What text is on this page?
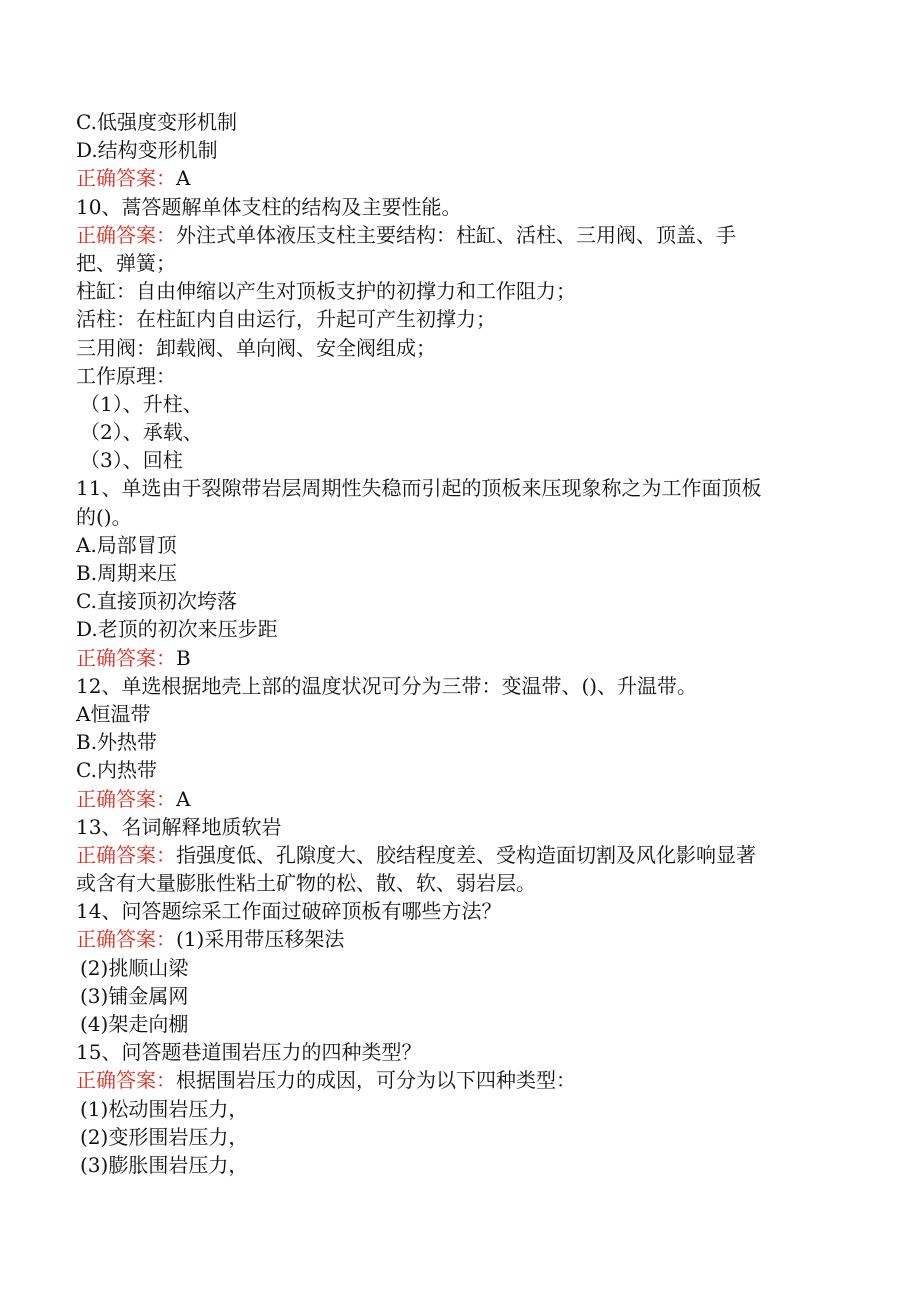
C.低强度变形机制
D.结构变形机制
正确答案：A
10、蒿答题解单体支柱的结构及主要性能。
正确答案：外注式单体液压支柱主要结构：柱缸、活柱、三用阀、顶盖、手
把、弹簧；
柱缸：自由伸缩以产生对顶板支护的初撑力和工作阻力；
活柱：在柱缸内自由运行，升起可产生初撑力；
三用阀：卸载阀、单向阀、安全阀组成；
工作原理：
（1）、升柱、
（2）、承载、
（3）、回柱
11、单选由于裂隙带岩层周期性失稳而引起的顶板来压现象称之为工作面顶板
的()。
A.局部冒顶
B.周期来压
C.直接顶初次垮落
D.老顶的初次来压步距
正确答案：B
12、单选根据地壳上部的温度状况可分为三带：变温带、()、升温带。
A恒温带
B.外热带
C.内热带
正确答案：A
13、名词解释地质软岩
正确答案：指强度低、孔隙度大、胶结程度差、受构造面切割及风化影响显著
或含有大量膨胀性粘土矿物的松、散、软、弱岩层。
14、问答题综采工作面过破碎顶板有哪些方法？
正确答案：(1)采用带压移架法
(2)挑顺山梁
(3)铺金属网
(4)架走向棚
15、问答题巷道围岩压力的四种类型？
正确答案：根据围岩压力的成因，可分为以下四种类型：
(1)松动围岩压力，
(2)变形围岩压力，
(3)膨胀围岩压力，
